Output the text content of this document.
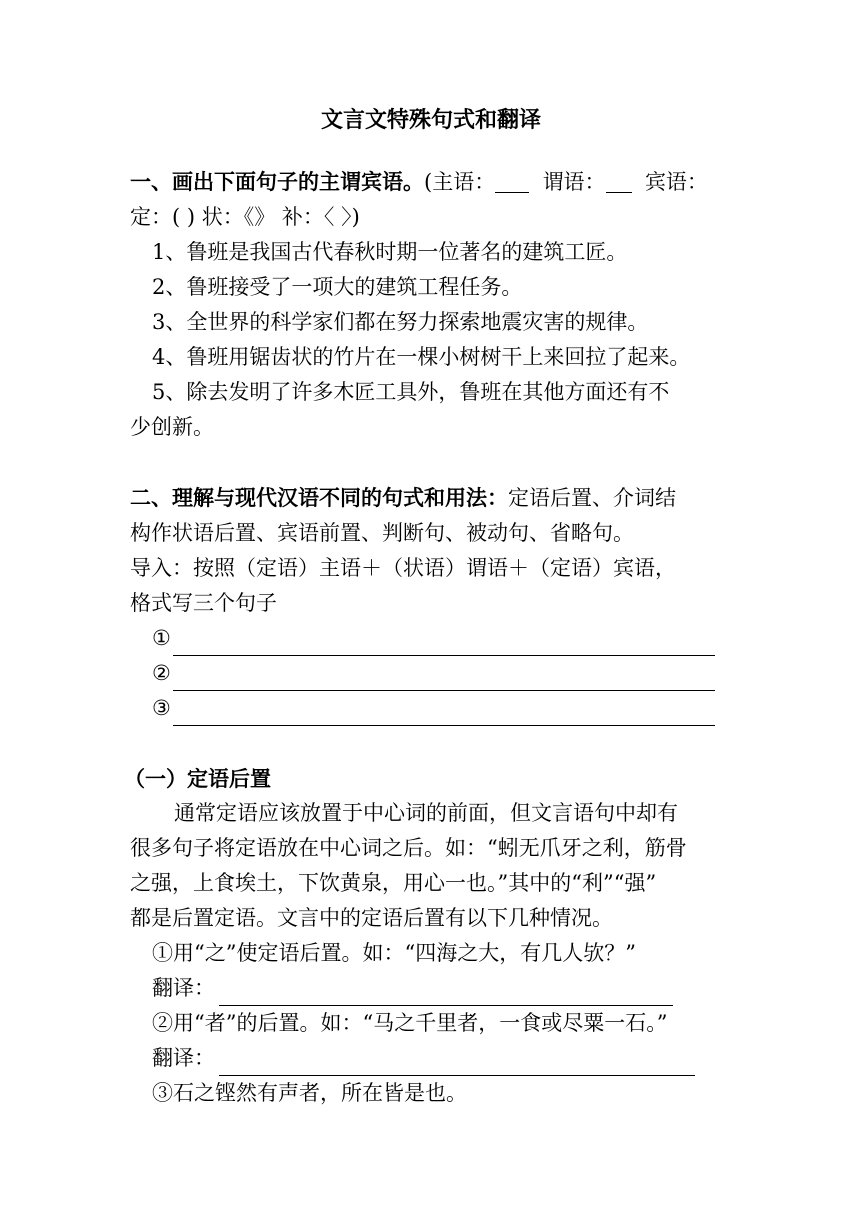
文言文特殊句式和翻译
一、画出下面句子的主谓宾语。(主语： 谓语： 宾语：
定：( ) 状：《》 补：〈 〉)
1、鲁班是我国古代春秋时期一位著名的建筑工匠。
2、鲁班接受了一项大的建筑工程任务。
3、全世界的科学家们都在努力探索地震灾害的规律。
4、鲁班用锯齿状的竹片在一棵小树树干上来回拉了起来。
5、除去发明了许多木匠工具外，鲁班在其他方面还有不
少创新。
二、理解与现代汉语不同的句式和用法：定语后置、介词结
构作状语后置、宾语前置、判断句、被动句、省略句。
导入：按照（定语）主语＋（状语）谓语＋（定语）宾语，
格式写三个句子
①
②
③
（一）定语后置
通常定语应该放置于中心词的前面，但文言语句中却有
很多句子将定语放在中心词之后。如：“蚓无爪牙之利，筋骨
之强，上食埃土，下饮黄泉，用心一也。”其中的“利”“强”
都是后置定语。文言中的定语后置有以下几种情况。
①用“之”使定语后置。如：“四海之大，有几人欤？”
翻译：
②用“者”的后置。如：“马之千里者，一食或尽粟一石。”
翻译：
③石之铿然有声者，所在皆是也。
